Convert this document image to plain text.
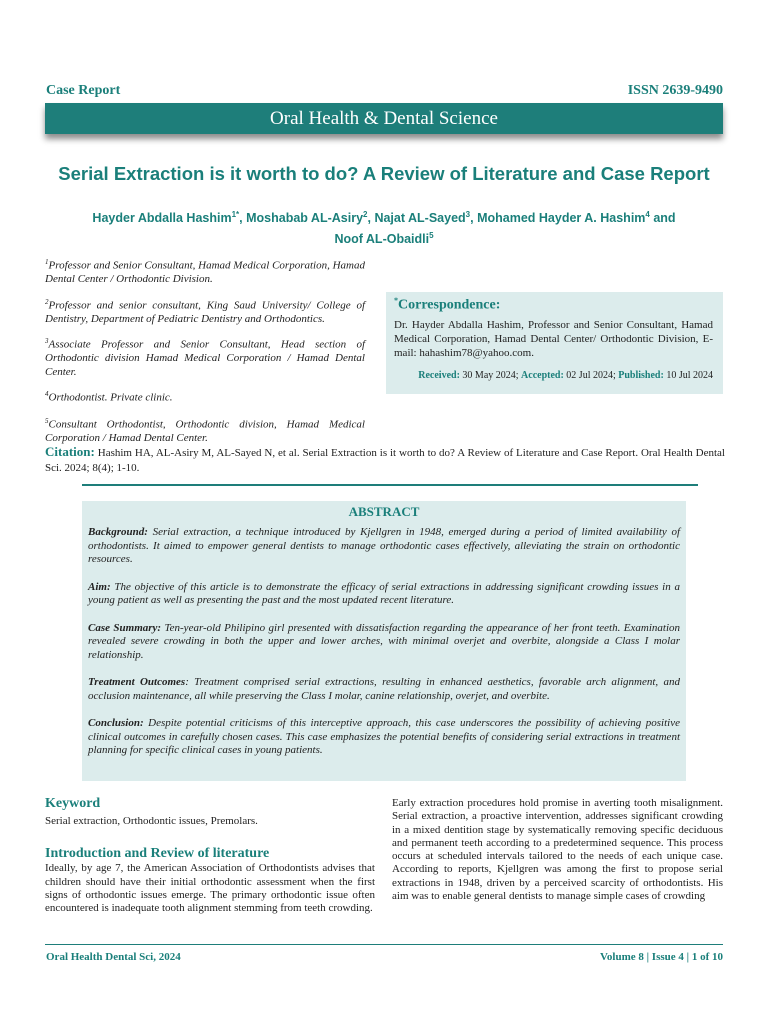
Case Report	ISSN 2639-9490
Oral Health & Dental Science
Serial Extraction is it worth to do? A Review of Literature and Case Report
Hayder Abdalla Hashim$^{1*}$, Moshabab AL-Asiry$^2$, Najat AL-Sayed$^3$, Mohamed Hayder A. Hashim$^4$ and
Noof AL-Obaidli$^5$

$^1$Professor and Senior Consultant, Hamad Medical Corporation, Hamad Dental Center / Orthodontic Division.

$^2$Professor and senior consultant, King Saud University/ College of Dentistry, Department of Pediatric Dentistry and Orthodontics.

$^3$Associate Professor and Senior Consultant, Head section of Orthodontic division Hamad Medical Corporation / Hamad Dental Center.

$^4$Orthodontist. Private clinic.

$^5$Consultant Orthodontist, Orthodontic division, Hamad Medical Corporation / Hamad Dental Center.

*Correspondence:
Dr. Hayder Abdalla Hashim, Professor and Senior Consultant, Hamad Medical Corporation, Hamad Dental Center/ Orthodontic Division, E-mail: hahashim78@yahoo.com.
Received: 30 May 2024; Accepted: 02 Jul 2024; Published: 10 Jul 2024
Citation: Hashim HA, AL-Asiry M, AL-Sayed N, et al. Serial Extraction is it worth to do? A Review of Literature and Case Report. Oral Health Dental Sci. 2024; 8(4); 1-10.
ABSTRACT

Background: Serial extraction, a technique introduced by Kjellgren in 1948, emerged during a period of limited availability of orthodontists. It aimed to empower general dentists to manage orthodontic cases effectively, alleviating the strain on orthodontic resources.

Aim: The objective of this article is to demonstrate the efficacy of serial extractions in addressing significant crowding issues in a young patient as well as presenting the past and the most updated recent literature.

Case Summary: Ten-year-old Philipino girl presented with dissatisfaction regarding the appearance of her front teeth. Examination revealed severe crowding in both the upper and lower arches, with minimal overjet and overbite, alongside a Class I molar relationship.

Treatment Outcomes: Treatment comprised serial extractions, resulting in enhanced aesthetics, favorable arch alignment, and occlusion maintenance, all while preserving the Class I molar, canine relationship, overjet, and overbite.

Conclusion: Despite potential criticisms of this interceptive approach, this case underscores the possibility of achieving positive clinical outcomes in carefully chosen cases. This case emphasizes the potential benefits of considering serial extractions in treatment planning for specific clinical cases in young patients.

Keyword

Serial extraction, Orthodontic issues, Premolars.

Introduction and Review of literature

Ideally, by age 7, the American Association of Orthodontists advises that children should have their initial orthodontic assessment when the first signs of orthodontic issues emerge. The primary orthodontic issue often encountered is inadequate tooth alignment stemming from teeth crowding.

Early extraction procedures hold promise in averting tooth misalignment. Serial extraction, a proactive intervention, addresses significant crowding in a mixed dentition stage by systematically removing specific deciduous and permanent teeth according to a predetermined sequence. This process occurs at scheduled intervals tailored to the needs of each unique case. According to reports, Kjellgren was among the first to propose serial extractions in 1948, driven by a perceived scarcity of orthodontists. His aim was to enable general dentists to manage simple cases of crowding

Oral Health Dental Sci, 2024	Volume 8 | Issue 4 | 1 of 10
